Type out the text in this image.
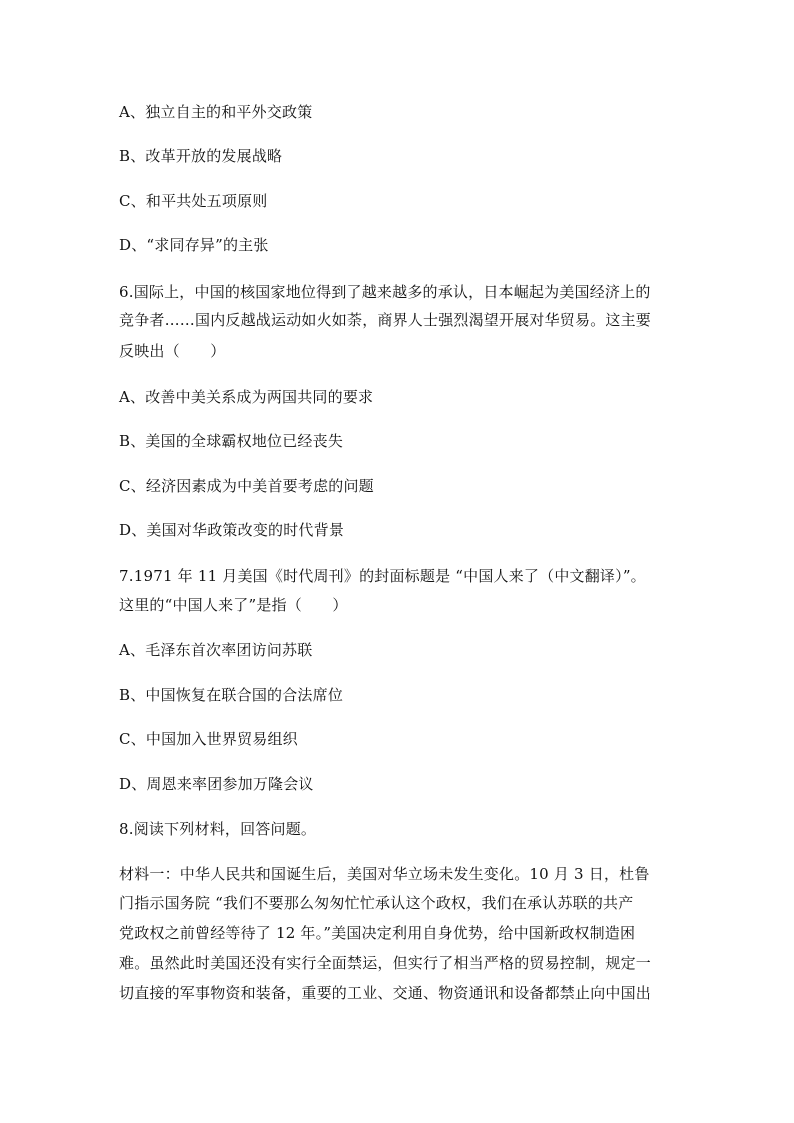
A、独立自主的和平外交政策
B、改革开放的发展战略
C、和平共处五项原则
D、“求同存异”的主张
6.国际上，中国的核国家地位得到了越来越多的承认，日本崛起为美国经济上的
竞争者……国内反越战运动如火如荼，商界人士强烈渴望开展对华贸易。这主要
反映出（　　）
A、改善中美关系成为两国共同的要求
B、美国的全球霸权地位已经丧失
C、经济因素成为中美首要考虑的问题
D、美国对华政策改变的时代背景
7.1971 年 11 月美国《时代周刊》的封面标题是 “中国人来了（中文翻译）”。
这里的“中国人来了”是指（　　）
A、毛泽东首次率团访问苏联
B、中国恢复在联合国的合法席位
C、中国加入世界贸易组织
D、周恩来率团参加万隆会议
8.阅读下列材料，回答问题。
材料一：中华人民共和国诞生后，美国对华立场未发生变化。10 月 3 日，杜鲁
门指示国务院 “我们不要那么匆匆忙忙承认这个政权，我们在承认苏联的共产
党政权之前曾经等待了 12 年。”美国决定利用自身优势，给中国新政权制造困
难。虽然此时美国还没有实行全面禁运，但实行了相当严格的贸易控制，规定一
切直接的军事物资和装备，重要的工业、交通、物资通讯和设备都禁止向中国出
